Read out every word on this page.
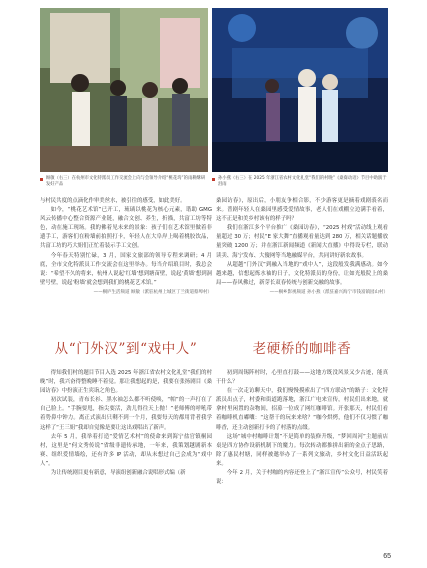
顾敏（右三）在杭州市文化特派员工作交流会上向与会领导介绍“桃花坞”的雨耕酥研发好产品
孙小燕（右三）在 2025 年浙江省农村文化礼堂“我们的村晚”《桑裔动语》节目中助演于泪雨

与村民共度的点滴化作审美丝水，被引往的感受，如此美好。

如今，“桃花艺术馆”已开工，琉璃以桃花为核心元素，谐助 GMG 风云传播中心整合资源产业链，融合文创、养生，折描，共富工坊等特色，动在施工现场。我的佛着见未来的景象：孩子们在艺术馆里做着非遗手工，游客们在粉墙前拍照打卡，年轻人在大阜岸上喝着桃胶饮品，共富工坊的巧大姐们正忙着装示手工文创。

今年春天特别忙碌，3 月，国家文旅部的领导专程来调研；4 月底，全市文化特派员工作交流会在这里举办。每当介绍琅目时，我总会说：“希望不久的将来，杭州人说起‘红墙’想到塘苗壁，说起‘黄墙’想到洞壁号壁，说起‘粉墙’就会想到我们的桃花艺术馆。”

——桐庐生活频道 顾敏（派驻杭州上城区丁兰街道蔡埠村）

桑园访春》，原出后，小朋友争相合影，不少游客更是摘着戏剧裘名而来。普剧年轻人在桑园里感受爱情故事，老人们在戏棚立边满手看着，这不正是和美乡村该有的样子吗？

我们在浙江多个平台推广《桑园访春》，“2025 村戏”活动线上观看量超过 30 万；村民“E 家大舞”直播观看量达到 280 万，相关话题播放量突破 1200 万；并在浙江新闻频道《新闻大直播》中得设专栏，联动读卖、海宁发布、大傻网等当地融媒平台，共同讲好新农故事。

从超越“门外汉”到融入当地的“戏中人”，这段般发我满感动。如今越来越，信想起炼水袖的日子，文化特派员的身份，让如光般院上的桑局——春风佛过，新芽长双春传统与创新交融的故事。

——桐乡影视频道 孙小燕（派驻嘉兴海宁市钱富镇园山村）
从“门外汉”到“戏中人”	老硬桥的咖啡香

得知我们村的题目节目入选 2025 年浙江省农村文化礼堂“我们的村晚”时，我兴奋得整晚睡不着觉。那让我想起的是，我要在张扬剧目《桑园访春》中扮演正生宾诣之角色。

初次试装，青布长衫、黑水袖怎么都不听使唤，“帕”的一声打在了自己脸上。“手腕要甩，指尖要活，劲儿得往天上抛！”老师傅的呼吼带着势鼻中钟力。离正式演出只剩不到一个月，我要每天的都用背者我学这样了“王三姐”我却自觉像是要让这出戏唱出了新声。

去年 5 月，我举着打造“爱情艺术村”的使命来到海宁盐官镇桐园村，这里是“何文秀传说”省级非遗传承地，一年来，我策划越剧新本赛、组织爱情墙绘，还有许多 IP 活动，却从未想过自己会成为“戏中人”。

为让传统剧目更有新意，导演组创新融合说唱形式编（新

初到周锡阵村时，心里直打鼓——这地方既没风景又少古迹，能真干什么？

在一次走访聊天中，我们慢慢摸索出了“四方联动”的路子：文化特派员出点子，村委和街道跑落地，浙江广电来宣传，村民们出来地，就拿村里闲置的杂物间，招募一位成了网红咖啡馆。开张那天，村民们看着咖啡机直嘟囔：“这帮干的玩来来啥？”咖今烘烤，他们不仅习惯了咖啡香，还主动创新打卡的了村落的点缀。

这场“城中村咖啡计划”不是简单的装修升级，“梦回周河”主题前店桌是四方协作设新机制下的魔力。每次转动都推拼出新的金点子思路，除了惠民村塘，同样被邀举办了一系列文旅动，乡村文化日益活跃起来。

今年 2 月，关于村咖的内容还登上了“浙江宣传”公众号，村民笑着说：

65
